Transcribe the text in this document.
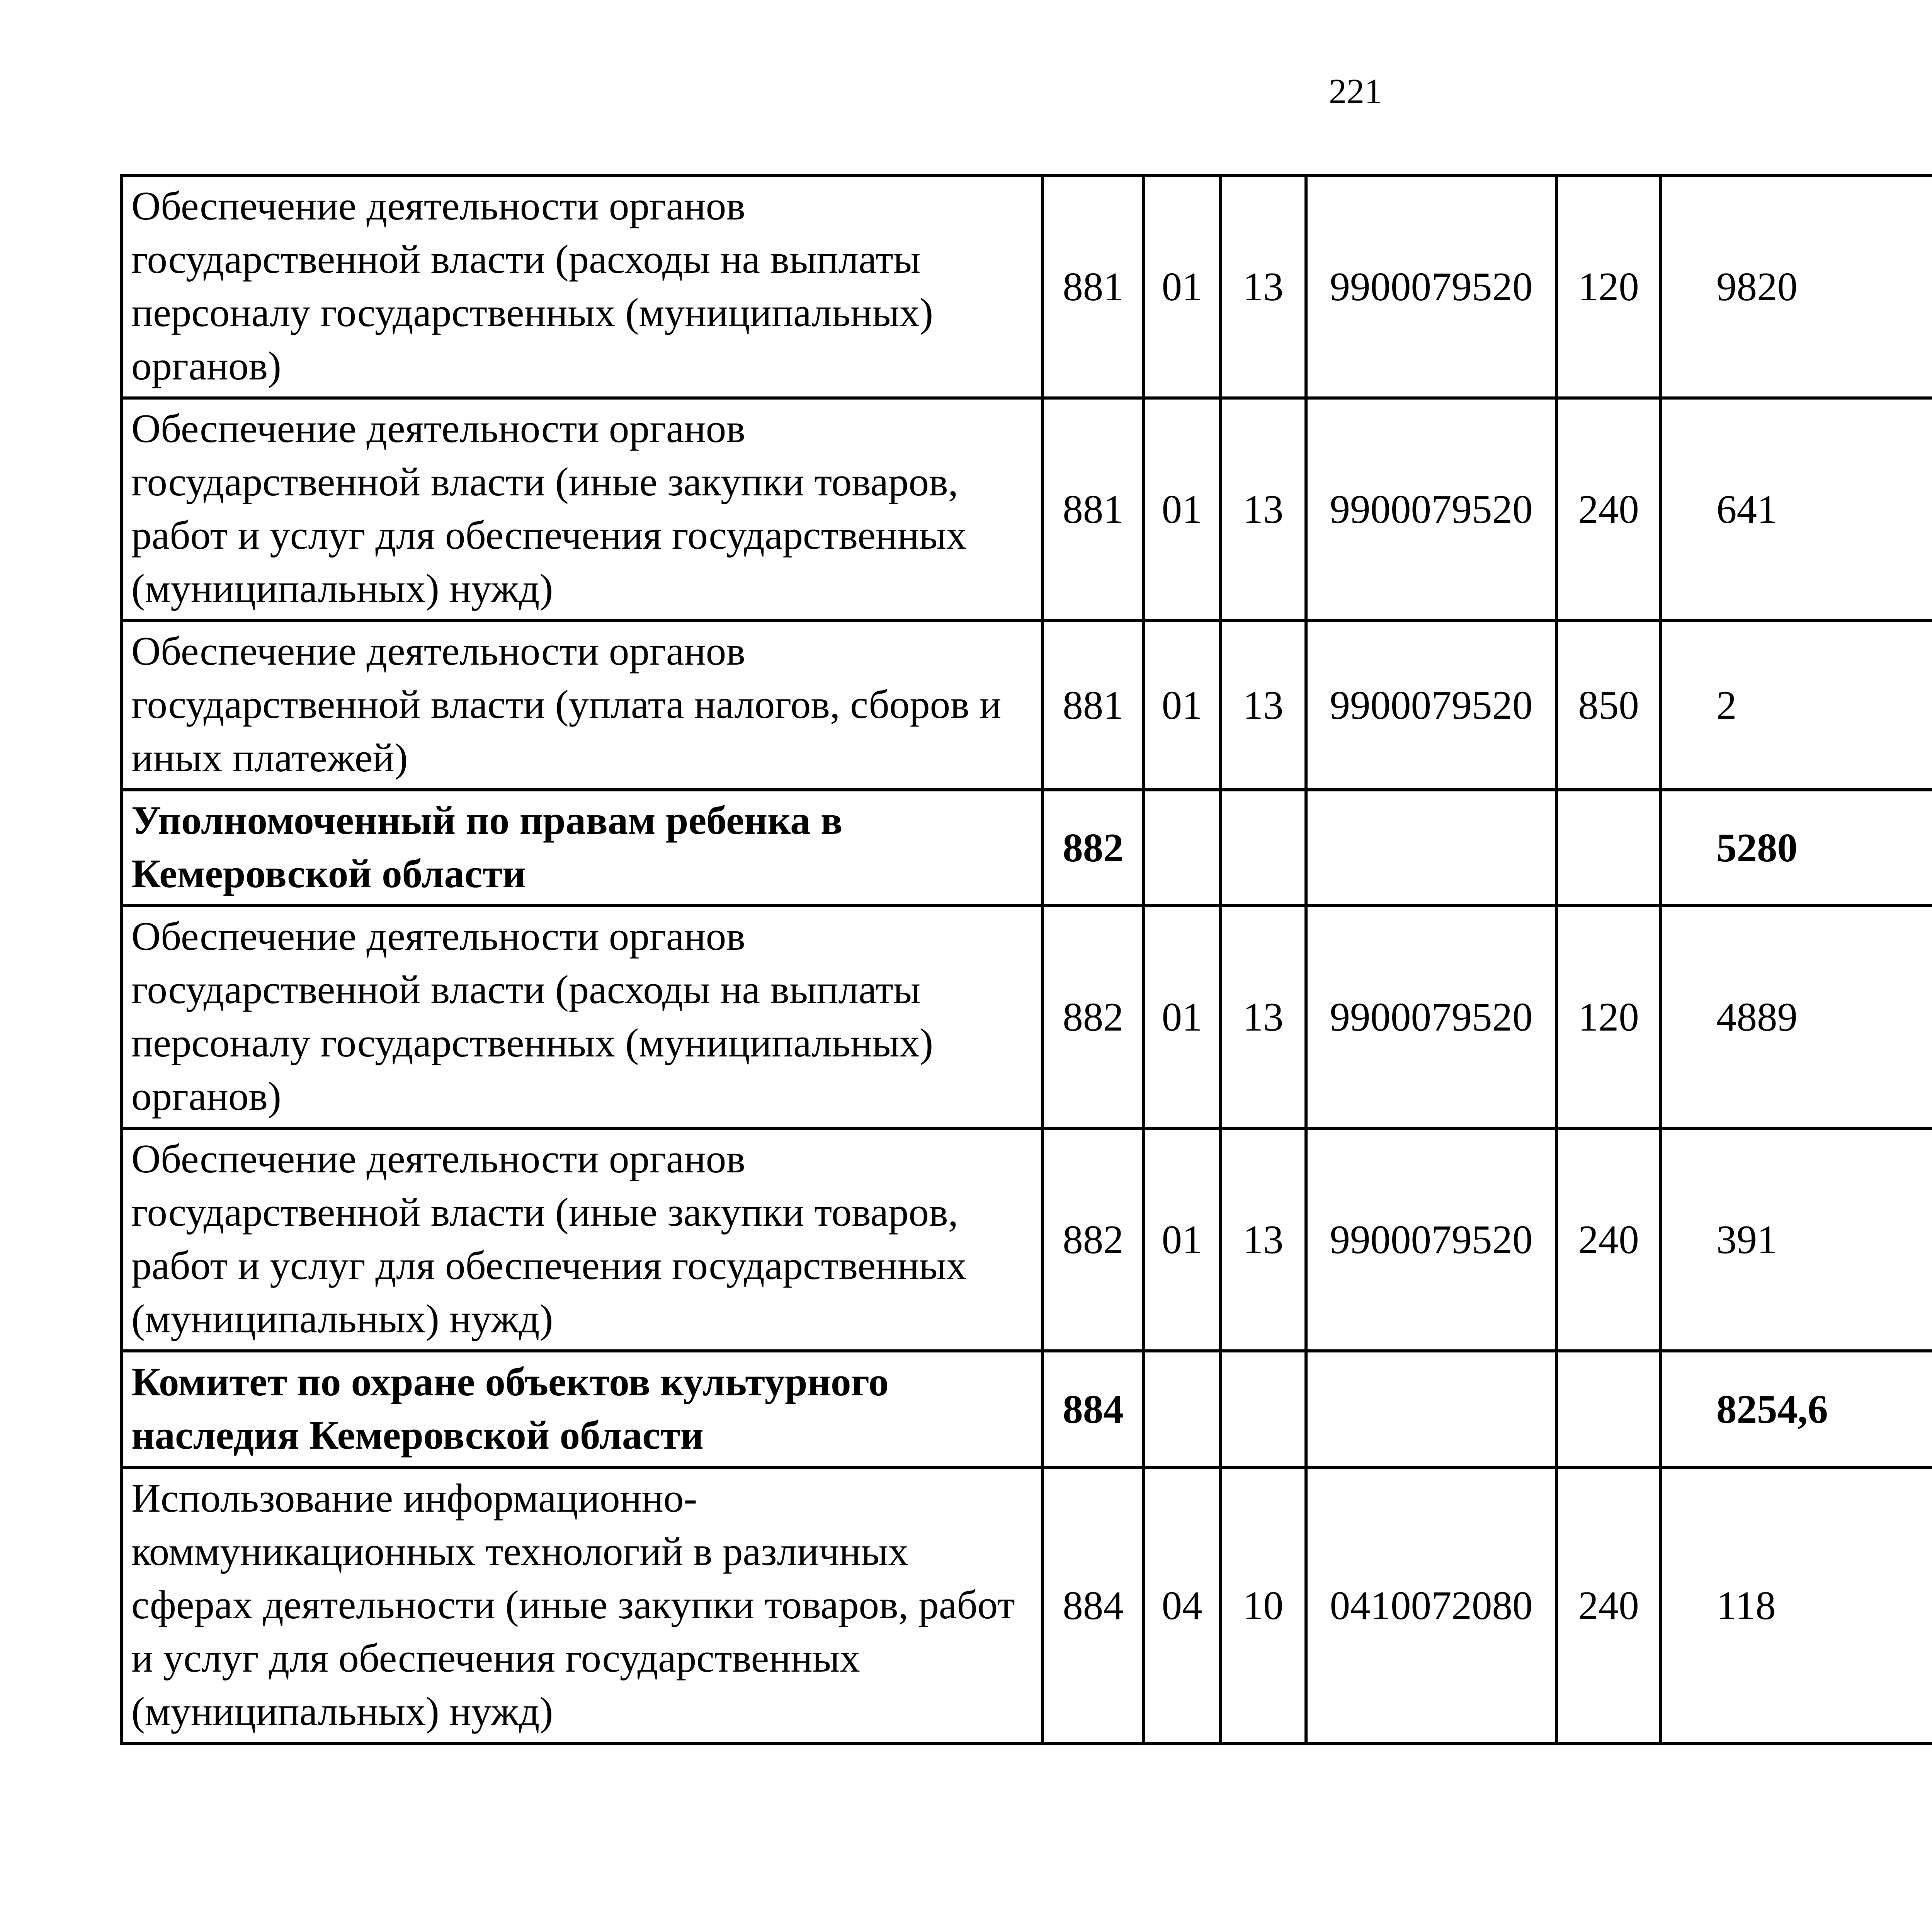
221
Обеспечение деятельности органов государственной власти (расходы на выплаты персоналу государственных (муниципальных) органов)	881	01	13	9900079520	120	9820		
Обеспечение деятельности органов государственной власти (иные закупки товаров, работ и услуг для обеспечения государственных (муниципальных) нужд)	881	01	13	9900079520	240	641		
Обеспечение деятельности органов государственной власти (уплата налогов, сборов и иных платежей)	881	01	13	9900079520	850	2		
Уполномоченный по правам ребенка в Кемеровской области	882					5280		
Обеспечение деятельности органов государственной власти (расходы на выплаты персоналу государственных (муниципальных) органов)	882	01	13	9900079520	120	4889		
Обеспечение деятельности органов государственной власти (иные закупки товаров, работ и услуг для обеспечения государственных (муниципальных) нужд)	882	01	13	9900079520	240	391		
Комитет по охране объектов культурного наследия Кемеровской области	884					8254,6		
Использование информационно-коммуникационных технологий в различных сферах деятельности (иные закупки товаров, работ и услуг для обеспечения государственных (муниципальных) нужд)	884	04	10	0410072080	240	118		
